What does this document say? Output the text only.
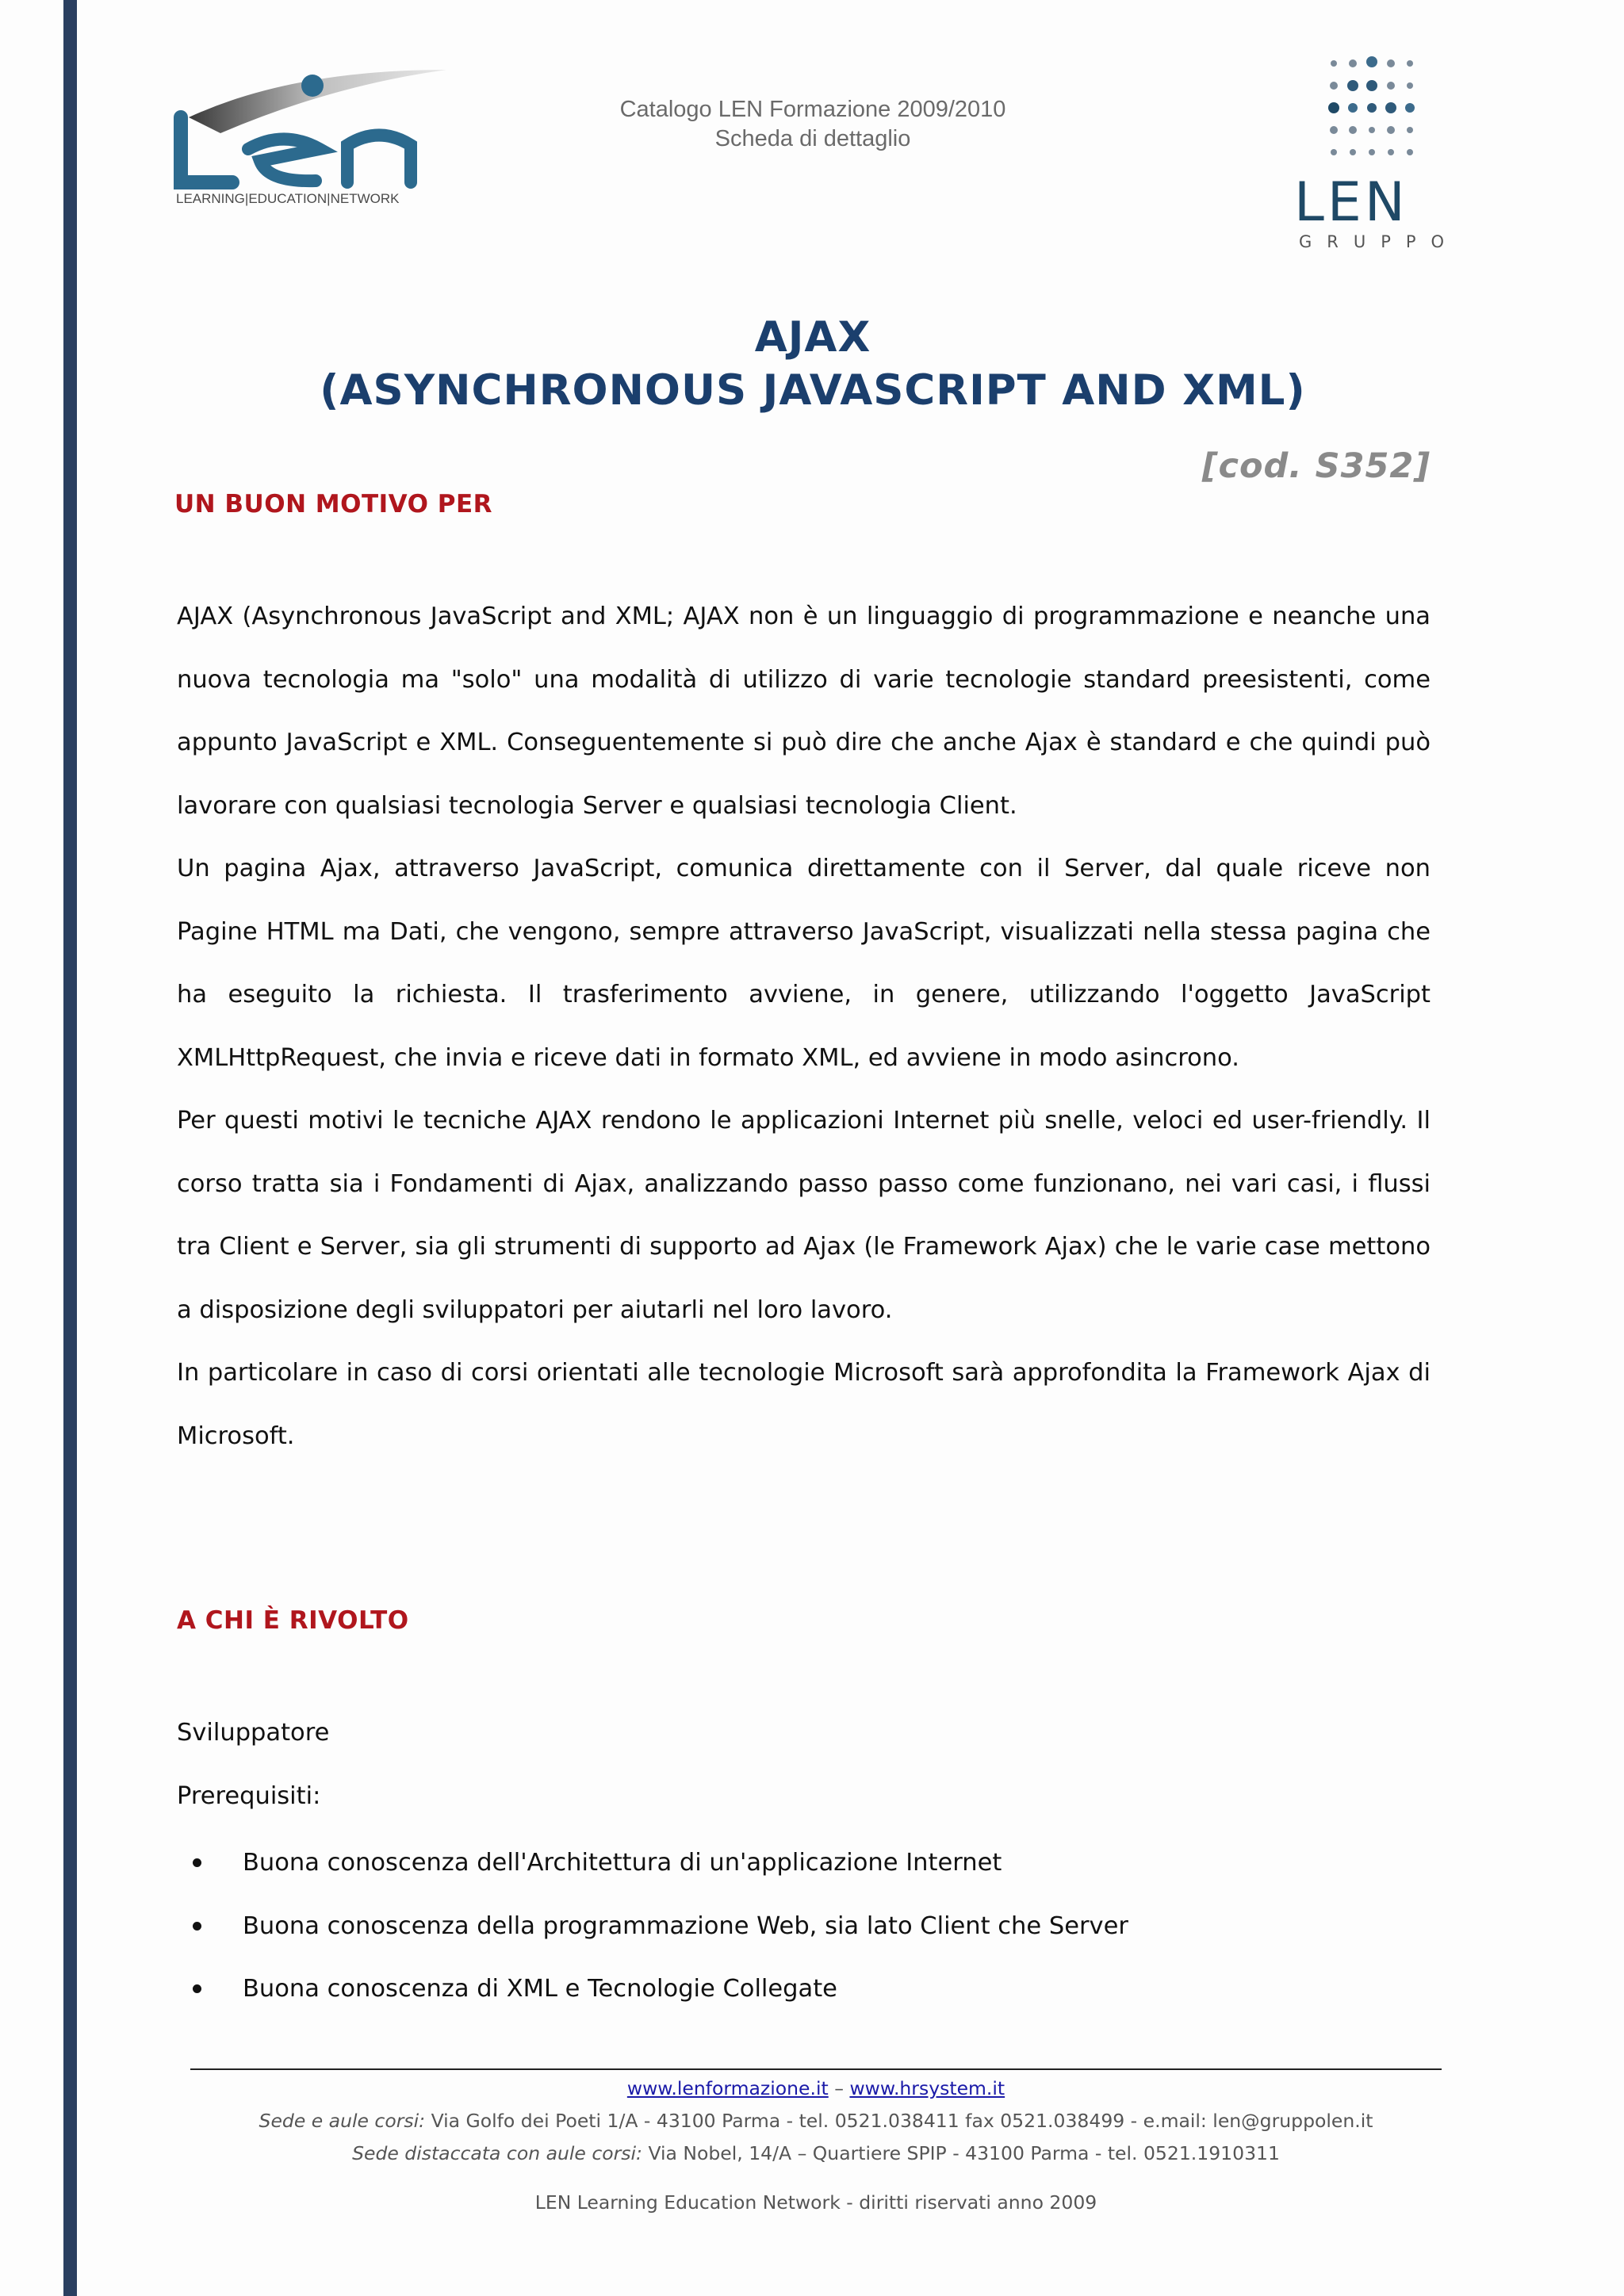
LEARNING|EDUCATION|NETWORK
Catalogo LEN Formazione 2009/2010
Scheda di dettaglio
LEN
GRUPPO
AJAX
(ASYNCHRONOUS JAVASCRIPT AND XML)
[cod. S352]
UN BUON MOTIVO PER

AJAX (Asynchronous JavaScript and XML; AJAX non è un linguaggio di programmazione e neanche una nuova tecnologia ma "solo" una modalità di utilizzo di varie tecnologie standard preesistenti, come appunto JavaScript e XML. Conseguentemente si può dire che anche Ajax è standard e che quindi può lavorare con qualsiasi tecnologia Server e qualsiasi tecnologia Client.

Un pagina Ajax, attraverso JavaScript, comunica direttamente con il Server, dal quale riceve non Pagine HTML ma Dati, che vengono, sempre attraverso JavaScript, visualizzati nella stessa pagina che ha eseguito la richiesta. Il trasferimento avviene, in genere, utilizzando l'oggetto JavaScript XMLHttpRequest, che invia e riceve dati in formato XML, ed avviene in modo asincrono.

Per questi motivi le tecniche AJAX rendono le applicazioni Internet più snelle, veloci ed user-friendly. Il corso tratta sia i Fondamenti di Ajax, analizzando passo passo come funzionano, nei vari casi, i flussi tra Client e Server, sia gli strumenti di supporto ad Ajax (le Framework Ajax) che le varie case mettono a disposizione degli sviluppatori per aiutarli nel loro lavoro.

In particolare in caso di corsi orientati alle tecnologie Microsoft sarà approfondita la Framework Ajax di Microsoft.

A CHI È RIVOLTO
Sviluppatore
Prerequisiti:
Buona conoscenza dell'Architettura di un'applicazione Internet
Buona conoscenza della programmazione Web, sia lato Client che Server
Buona conoscenza di XML e Tecnologie Collegate
www.lenformazione.it – www.hrsystem.it
Sede e aule corsi: Via Golfo dei Poeti 1/A - 43100 Parma - tel. 0521.038411 fax 0521.038499 - e.mail: len@gruppolen.it
Sede distaccata con aule corsi: Via Nobel, 14/A – Quartiere SPIP - 43100 Parma - tel. 0521.1910311
LEN Learning Education Network - diritti riservati anno 2009
